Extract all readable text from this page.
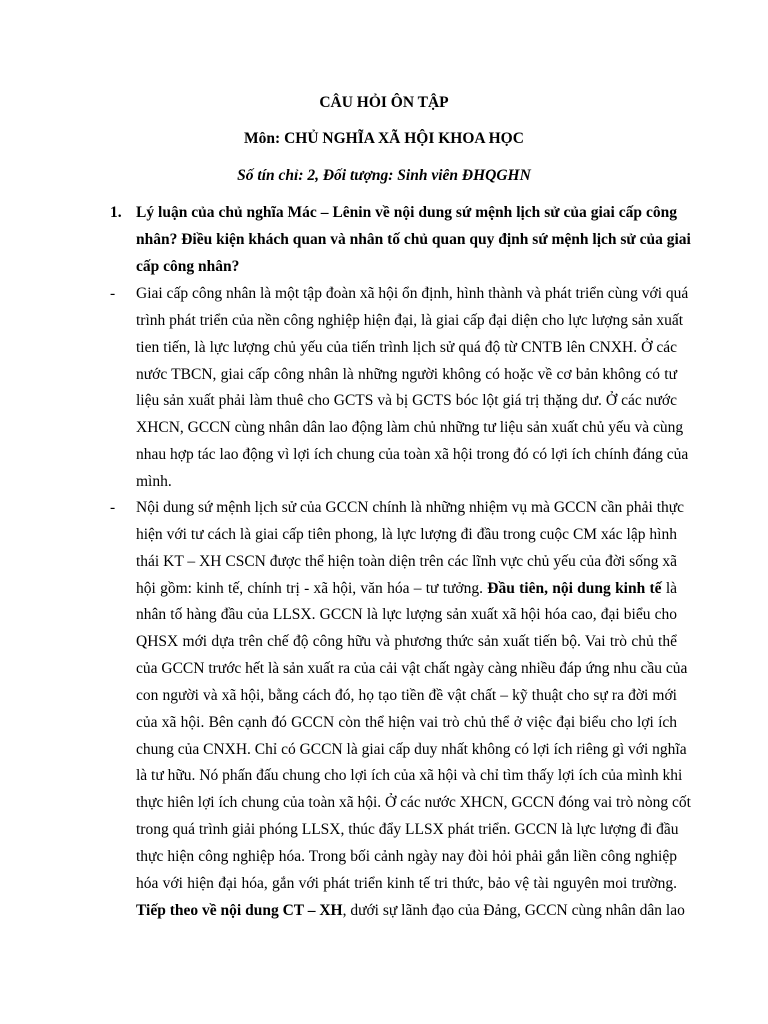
CÂU HỎI ÔN TẬP
Môn: CHỦ NGHĨA XÃ HỘI KHOA HỌC
Số tín chỉ: 2, Đối tượng: Sinh viên ĐHQGHN
1. Lý luận của chủ nghĩa Mác – Lênin về nội dung sứ mệnh lịch sử của giai cấp công
nhân? Điều kiện khách quan và nhân tố chủ quan quy định sứ mệnh lịch sử của giai
cấp công nhân?
- Giai cấp công nhân là một tập đoàn xã hội ổn định, hình thành và phát triển cùng với quá
trình phát triển của nền công nghiệp hiện đại, là giai cấp đại diện cho lực lượng sản xuất
tien tiến, là lực lượng chủ yếu của tiến trình lịch sử quá độ từ CNTB lên CNXH. Ở các
nước TBCN, giai cấp công nhân là những người không có hoặc về cơ bản không có tư
liệu sản xuất phải làm thuê cho GCTS và bị GCTS bóc lột giá trị thặng dư. Ở các nước
XHCN, GCCN cùng nhân dân lao động làm chủ những tư liệu sản xuất chủ yếu và cùng
nhau hợp tác lao động vì lợi ích chung của toàn xã hội trong đó có lợi ích chính đáng của
mình.
- Nội dung sứ mệnh lịch sử của GCCN chính là những nhiệm vụ mà GCCN cần phải thực
hiện với tư cách là giai cấp tiên phong, là lực lượng đi đầu trong cuộc CM xác lập hình
thái KT – XH CSCN được thể hiện toàn diện trên các lĩnh vực chủ yếu của đời sống xã
hội gồm: kinh tế, chính trị - xã hội, văn hóa – tư tưởng. Đầu tiên, nội dung kinh tế là
nhân tố hàng đầu của LLSX. GCCN là lực lượng sản xuất xã hội hóa cao, đại biểu cho
QHSX mới dựa trên chế độ công hữu và phương thức sản xuất tiến bộ. Vai trò chủ thể
của GCCN trước hết là sản xuất ra của cải vật chất ngày càng nhiều đáp ứng nhu cầu của
con người và xã hội, bằng cách đó, họ tạo tiền đề vật chất – kỹ thuật cho sự ra đời mới
của xã hội. Bên cạnh đó GCCN còn thể hiện vai trò chủ thể ở việc đại biểu cho lợi ích
chung của CNXH. Chỉ có GCCN là giai cấp duy nhất không có lợi ích riêng gì với nghĩa
là tư hữu. Nó phấn đấu chung cho lợi ích của xã hội và chỉ tìm thấy lợi ích của mình khi
thực hiên lợi ích chung của toàn xã hội. Ở các nước XHCN, GCCN đóng vai trò nòng cốt
trong quá trình giải phóng LLSX, thúc đẩy LLSX phát triển. GCCN là lực lượng đi đầu
thực hiện công nghiệp hóa. Trong bối cảnh ngày nay đòi hỏi phải gắn liền công nghiệp
hóa với hiện đại hóa, gắn với phát triển kinh tế tri thức, bảo vệ tài nguyên moi trường.
Tiếp theo về nội dung CT – XH, dưới sự lãnh đạo của Đảng, GCCN cùng nhân dân lao
